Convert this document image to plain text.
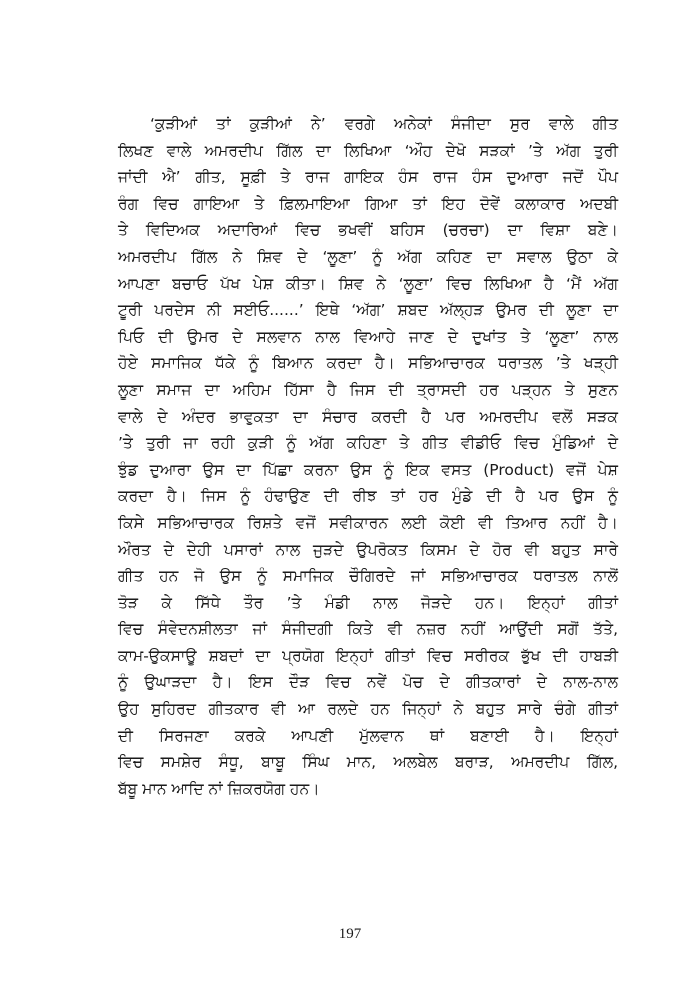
‘ਕੁੜੀਆਂ ਤਾਂ ਕੁੜੀਆਂ ਨੇ’ ਵਰਗੇ ਅਨੇਕਾਂ ਸੰਜੀਦਾ ਸੁਰ ਵਾਲੇ ਗੀਤ
ਲਿਖਣ ਵਾਲੇ ਅਮਰਦੀਪ ਗਿੱਲ ਦਾ ਲਿਖਿਆ ‘ਔਹ ਦੇਖੋ ਸੜਕਾਂ ’ਤੇ ਅੱਗ ਤੁਰੀ
ਜਾਂਦੀ ਐ’ ਗੀਤ, ਸੂਫ਼ੀ ਤੇ ਰਾਜ ਗਾਇਕ ਹੰਸ ਰਾਜ ਹੰਸ ਦੁਆਰਾ ਜਦੋਂ ਪੌਪ
ਰੰਗ ਵਿਚ ਗਾਇਆ ਤੇ ਫ਼ਿਲਮਾਇਆ ਗਿਆ ਤਾਂ ਇਹ ਦੋਵੇਂ ਕਲਾਕਾਰ ਅਦਬੀ
ਤੇ ਵਿਦਿਅਕ ਅਦਾਰਿਆਂ ਵਿਚ ਭਖਵੀਂ ਬਹਿਸ (ਚਰਚਾ) ਦਾ ਵਿਸ਼ਾ ਬਣੇ।
ਅਮਰਦੀਪ ਗਿੱਲ ਨੇ ਸ਼ਿਵ ਦੇ ‘ਲੂਣਾ’ ਨੂੰ ਅੱਗ ਕਹਿਣ ਦਾ ਸਵਾਲ ਉਠਾ ਕੇ
ਆਪਣਾ ਬਚਾਓ ਪੱਖ ਪੇਸ਼ ਕੀਤਾ। ਸ਼ਿਵ ਨੇ ‘ਲੂਣਾ’ ਵਿਚ ਲਿਖਿਆ ਹੈ ‘ਮੈਂ ਅੱਗ
ਟੂਰੀ ਪਰਦੇਸ ਨੀ ਸਈਓ......’ ਇਥੇ ‘ਅੱਗ’ ਸ਼ਬਦ ਅੱਲ੍ਹੜ ਉਮਰ ਦੀ ਲੂਣਾ ਦਾ
ਪਿਓ ਦੀ ਉਮਰ ਦੇ ਸਲਵਾਨ ਨਾਲ ਵਿਆਹੇ ਜਾਣ ਦੇ ਦੁਖਾਂਤ ਤੇ ‘ਲੂਣਾ’ ਨਾਲ
ਹੋਏ ਸਮਾਜਿਕ ਧੱਕੇ ਨੂੰ ਬਿਆਨ ਕਰਦਾ ਹੈ। ਸਭਿਆਚਾਰਕ ਧਰਾਤਲ ’ਤੇ ਖੜ੍ਹੀ
ਲੂਣਾ ਸਮਾਜ ਦਾ ਅਹਿਮ ਹਿੱਸਾ ਹੈ ਜਿਸ ਦੀ ਤ੍ਰਾਸਦੀ ਹਰ ਪੜ੍ਹਨ ਤੇ ਸੁਣਨ
ਵਾਲੇ ਦੇ ਅੰਦਰ ਭਾਵੁਕਤਾ ਦਾ ਸੰਚਾਰ ਕਰਦੀ ਹੈ ਪਰ ਅਮਰਦੀਪ ਵਲੋਂ ਸੜਕ
’ਤੇ ਤੁਰੀ ਜਾ ਰਹੀ ਕੁੜੀ ਨੂੰ ਅੱਗ ਕਹਿਣਾ ਤੇ ਗੀਤ ਵੀਡੀਓ ਵਿਚ ਮੁੰਡਿਆਂ ਦੇ
ਝੁੰਡ ਦੁਆਰਾ ਉਸ ਦਾ ਪਿੱਛਾ ਕਰਨਾ ਉਸ ਨੂੰ ਇਕ ਵਸਤ (Product) ਵਜੋਂ ਪੇਸ਼
ਕਰਦਾ ਹੈ। ਜਿਸ ਨੂੰ ਹੰਢਾਉਣ ਦੀ ਰੀਝ ਤਾਂ ਹਰ ਮੁੰਡੇ ਦੀ ਹੈ ਪਰ ਉਸ ਨੂੰ
ਕਿਸੇ ਸਭਿਆਚਾਰਕ ਰਿਸ਼ਤੇ ਵਜੋਂ ਸਵੀਕਾਰਨ ਲਈ ਕੋਈ ਵੀ ਤਿਆਰ ਨਹੀਂ ਹੈ।
ਔਰਤ ਦੇ ਦੇਹੀ ਪਸਾਰਾਂ ਨਾਲ ਜੁੜਦੇ ਉਪਰੋਕਤ ਕਿਸਮ ਦੇ ਹੋਰ ਵੀ ਬਹੁਤ ਸਾਰੇ
ਗੀਤ ਹਨ ਜੋ ਉਸ ਨੂੰ ਸਮਾਜਿਕ ਚੌਗਿਰਦੇ ਜਾਂ ਸਭਿਆਚਾਰਕ ਧਰਾਤਲ ਨਾਲੋਂ
ਤੋੜ ਕੇ ਸਿੱਧੇ ਤੌਰ ’ਤੇ ਮੰਡੀ ਨਾਲ ਜੋੜਦੇ ਹਨ। ਇਨ੍ਹਾਂ ਗੀਤਾਂ
ਵਿਚ ਸੰਵੇਦਨਸ਼ੀਲਤਾ ਜਾਂ ਸੰਜੀਦਗੀ ਕਿਤੇ ਵੀ ਨਜ਼ਰ ਨਹੀਂ ਆਉਂਦੀ ਸਗੋਂ ਤੱਤੇ,
ਕਾਮ-ਉਕਸਾਊ ਸ਼ਬਦਾਂ ਦਾ ਪ੍ਰਯੋਗ ਇਨ੍ਹਾਂ ਗੀਤਾਂ ਵਿਚ ਸਰੀਰਕ ਭੁੱਖ ਦੀ ਹਾਬੜੀ
ਨੂੰ ਉਘਾੜਦਾ ਹੈ। ਇਸ ਦੌੜ ਵਿਚ ਨਵੇਂ ਪੋਚ ਦੇ ਗੀਤਕਾਰਾਂ ਦੇ ਨਾਲ-ਨਾਲ
ਉਹ ਸੁਹਿਰਦ ਗੀਤਕਾਰ ਵੀ ਆ ਰਲਦੇ ਹਨ ਜਿਨ੍ਹਾਂ ਨੇ ਬਹੁਤ ਸਾਰੇ ਚੰਗੇ ਗੀਤਾਂ
ਦੀ ਸਿਰਜਣਾ ਕਰਕੇ ਆਪਣੀ ਮੁੱਲਵਾਨ ਥਾਂ ਬਣਾਈ ਹੈ। ਇਨ੍ਹਾਂ
ਵਿਚ ਸਮਸ਼ੇਰ ਸੰਧੂ, ਬਾਬੂ ਸਿੰਘ ਮਾਨ, ਅਲਬੇਲ ਬਰਾੜ, ਅਮਰਦੀਪ ਗਿੱਲ,
ਬੱਬੂ ਮਾਨ ਆਦਿ ਨਾਂ ਜ਼ਿਕਰਯੋਗ ਹਨ।
197
